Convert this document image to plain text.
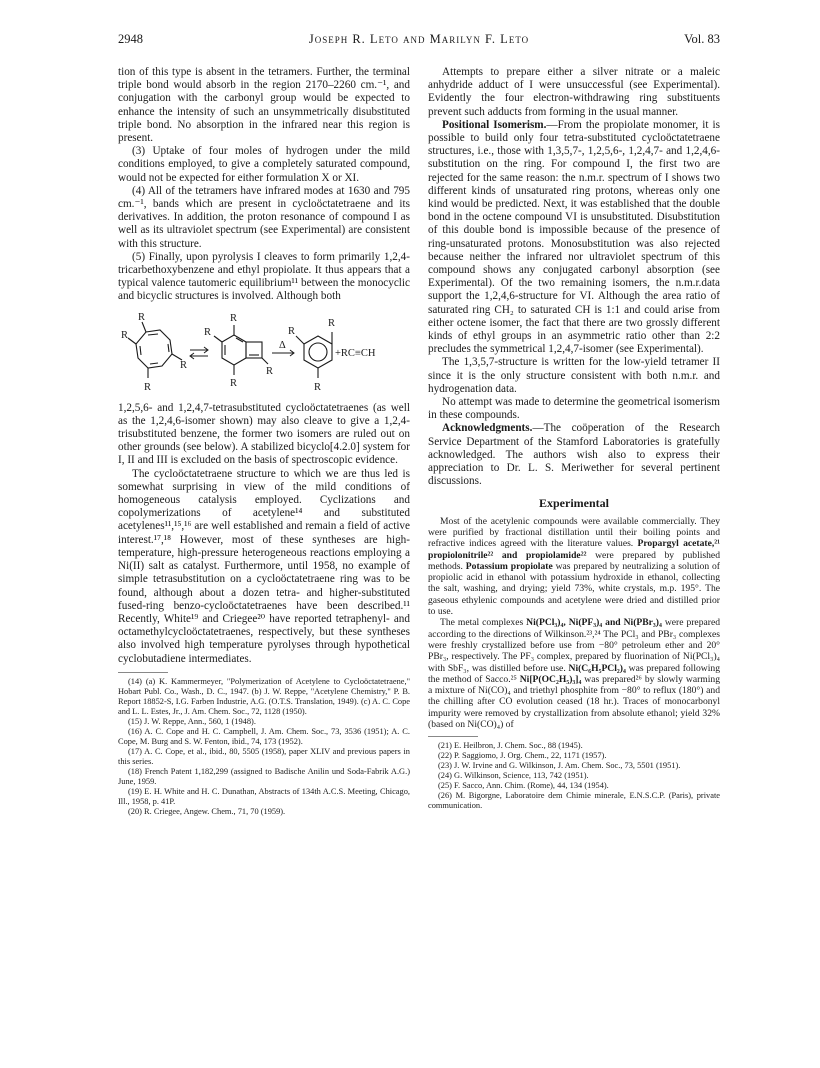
2948	Joseph R. Leto and Marilyn F. Leto	Vol. 83

tion of this type is absent in the tetramers. Further, the terminal triple bond would absorb in the region 2170–2260 cm.⁻¹, and conjugation with the carbonyl group would be expected to enhance the intensity of such an unsymmetrically disubstituted triple bond. No absorption in the infrared near this region is present.

(3) Uptake of four moles of hydrogen under the mild conditions employed, to give a completely saturated compound, would not be expected for either formulation X or XI.

(4) All of the tetramers have infrared modes at 1630 and 795 cm.⁻¹, bands which are present in cycloöctatetraene and its derivatives. In addition, the proton resonance of compound I as well as its ultraviolet spectrum (see Experimental) are consistent with this structure.

(5) Finally, upon pyrolysis I cleaves to form primarily 1,2,4-tricarbethoxybenzene and ethyl propiolate. It thus appears that a typical valence tautomeric equilibrium¹¹ between the monocyclic and bicyclic structures is involved. Although both

R
R
R
R
R
R
R
R
Δ
R
R
R
+RC≡CH

1,2,5,6- and 1,2,4,7-tetrasubstituted cycloöctatetraenes (as well as the 1,2,4,6-isomer shown) may also cleave to give a 1,2,4-trisubstituted benzene, the former two isomers are ruled out on other grounds (see below). A stabilized bicyclo[4.2.0] system for I, II and III is excluded on the basis of spectroscopic evidence.

The cycloöctatetraene structure to which we are thus led is somewhat surprising in view of the mild conditions of homogeneous catalysis employed. Cyclizations and copolymerizations of acetylene¹⁴ and substituted acetylenes¹¹,¹⁵,¹⁶ are well established and remain a field of active interest.¹⁷,¹⁸ However, most of these syntheses are high-temperature, high-pressure heterogeneous reactions employing a Ni(II) salt as catalyst. Furthermore, until 1958, no example of simple tetrasubstitution on a cycloöctatetraene ring was to be found, although about a dozen tetra- and higher-substituted fused-ring benzo-cycloöctatetraenes have been described.¹¹ Recently, White¹⁹ and Criegee²⁰ have reported tetraphenyl- and octamethylcycloöctatetraenes, respectively, but these syntheses also involved high temperature pyrolyses through hypothetical cyclobutadiene intermediates.

(14) (a) K. Kammermeyer, "Polymerization of Acetylene to Cycloöctatetraene," Hobart Publ. Co., Wash., D. C., 1947. (b) J. W. Reppe, "Acetylene Chemistry," P. B. Report 18852-S, I.G. Farben Industrie, A.G. (O.T.S. Translation, 1949). (c) A. C. Cope and L. L. Estes, Jr., J. Am. Chem. Soc., 72, 1128 (1950).
(15) J. W. Reppe, Ann., 560, 1 (1948).
(16) A. C. Cope and H. C. Campbell, J. Am. Chem. Soc., 73, 3536 (1951); A. C. Cope, M. Burg and S. W. Fenton, ibid., 74, 173 (1952).
(17) A. C. Cope, et al., ibid., 80, 5505 (1958), paper XLIV and previous papers in this series.
(18) French Patent 1,182,299 (assigned to Badische Anilin und Soda-Fabrik A.G.) June, 1959.
(19) E. H. White and H. C. Dunathan, Abstracts of 134th A.C.S. Meeting, Chicago, Ill., 1958, p. 41P.
(20) R. Criegee, Angew. Chem., 71, 70 (1959).

Attempts to prepare either a silver nitrate or a maleic anhydride adduct of I were unsuccessful (see Experimental). Evidently the four electron-withdrawing ring substituents prevent such adducts from forming in the usual manner.

Positional Isomerism.—From the propiolate monomer, it is possible to build only four tetra-substituted cycloöctatetraene structures, i.e., those with 1,3,5,7-, 1,2,5,6-, 1,2,4,7- and 1,2,4,6-substitution on the ring. For compound I, the first two are rejected for the same reason: the n.m.r. spectrum of I shows two different kinds of unsaturated ring protons, whereas only one kind would be predicted. Next, it was established that the double bond in the octene compound VI is unsubstituted. Disubstitution of this double bond is impossible because of the presence of ring-unsaturated protons. Monosubstitution was also rejected because neither the infrared nor ultraviolet spectrum of this compound shows any conjugated carbonyl absorption (see Experimental). Of the two remaining isomers, the n.m.r.data support the 1,2,4,6-structure for VI. Although the area ratio of saturated ring CH₂ to saturated CH is 1:1 and could arise from either octene isomer, the fact that there are two grossly different kinds of ethyl groups in an asymmetric ratio other than 2:2 precludes the symmetrical 1,2,4,7-isomer (see Experimental).

The 1,3,5,7-structure is written for the low-yield tetramer II since it is the only structure consistent with both n.m.r. and hydrogenation data.

No attempt was made to determine the geometrical isomerism in these compounds.

Acknowledgments.—The coöperation of the Research Service Department of the Stamford Laboratories is gratefully acknowledged. The authors wish also to express their appreciation to Dr. L. S. Meriwether for several pertinent discussions.

Experimental

Most of the acetylenic compounds were available commercially. They were purified by fractional distillation until their boiling points and refractive indices agreed with the literature values. Propargyl acetate,²¹ propiolonitrile²² and propiolamide²² were prepared by published methods. Potassium propiolate was prepared by neutralizing a solution of propiolic acid in ethanol with potassium hydroxide in ethanol, collecting the salt, washing, and drying; yield 73%, white crystals, m.p. 195°. The gaseous ethylenic compounds and acetylene were dried and distilled prior to use.

The metal complexes Ni(PCl₃)₄, Ni(PF₃)₄ and Ni(PBr₃)₄ were prepared according to the directions of Wilkinson.²³,²⁴ The PCl₃ and PBr₃ complexes were freshly crystallized before use from −80° petroleum ether and 20° PBr₃, respectively. The PF₃ complex, prepared by fluorination of Ni(PCl₃)₄ with SbF₃, was distilled before use. Ni(C₆H₅PCl₂)₄ was prepared following the method of Sacco.²⁵ Ni[P(OC₂H₅)₃]₄ was prepared²⁶ by slowly warming a mixture of Ni(CO)₄ and triethyl phosphite from −80° to reflux (180°) and the chilling after CO evolution ceased (18 hr.). Traces of monocarbonyl impurity were removed by crystallization from absolute ethanol; yield 32% (based on Ni(CO)₄) of

(21) E. Heilbron, J. Chem. Soc., 88 (1945).
(22) P. Saggiomo, J. Org. Chem., 22, 1171 (1957).
(23) J. W. Irvine and G. Wilkinson, J. Am. Chem. Soc., 73, 5501 (1951).
(24) G. Wilkinson, Science, 113, 742 (1951).
(25) F. Sacco, Ann. Chim. (Rome), 44, 134 (1954).
(26) M. Bigorgne, Laboratoire dem Chimie minerale, E.N.S.C.P. (Paris), private communication.
